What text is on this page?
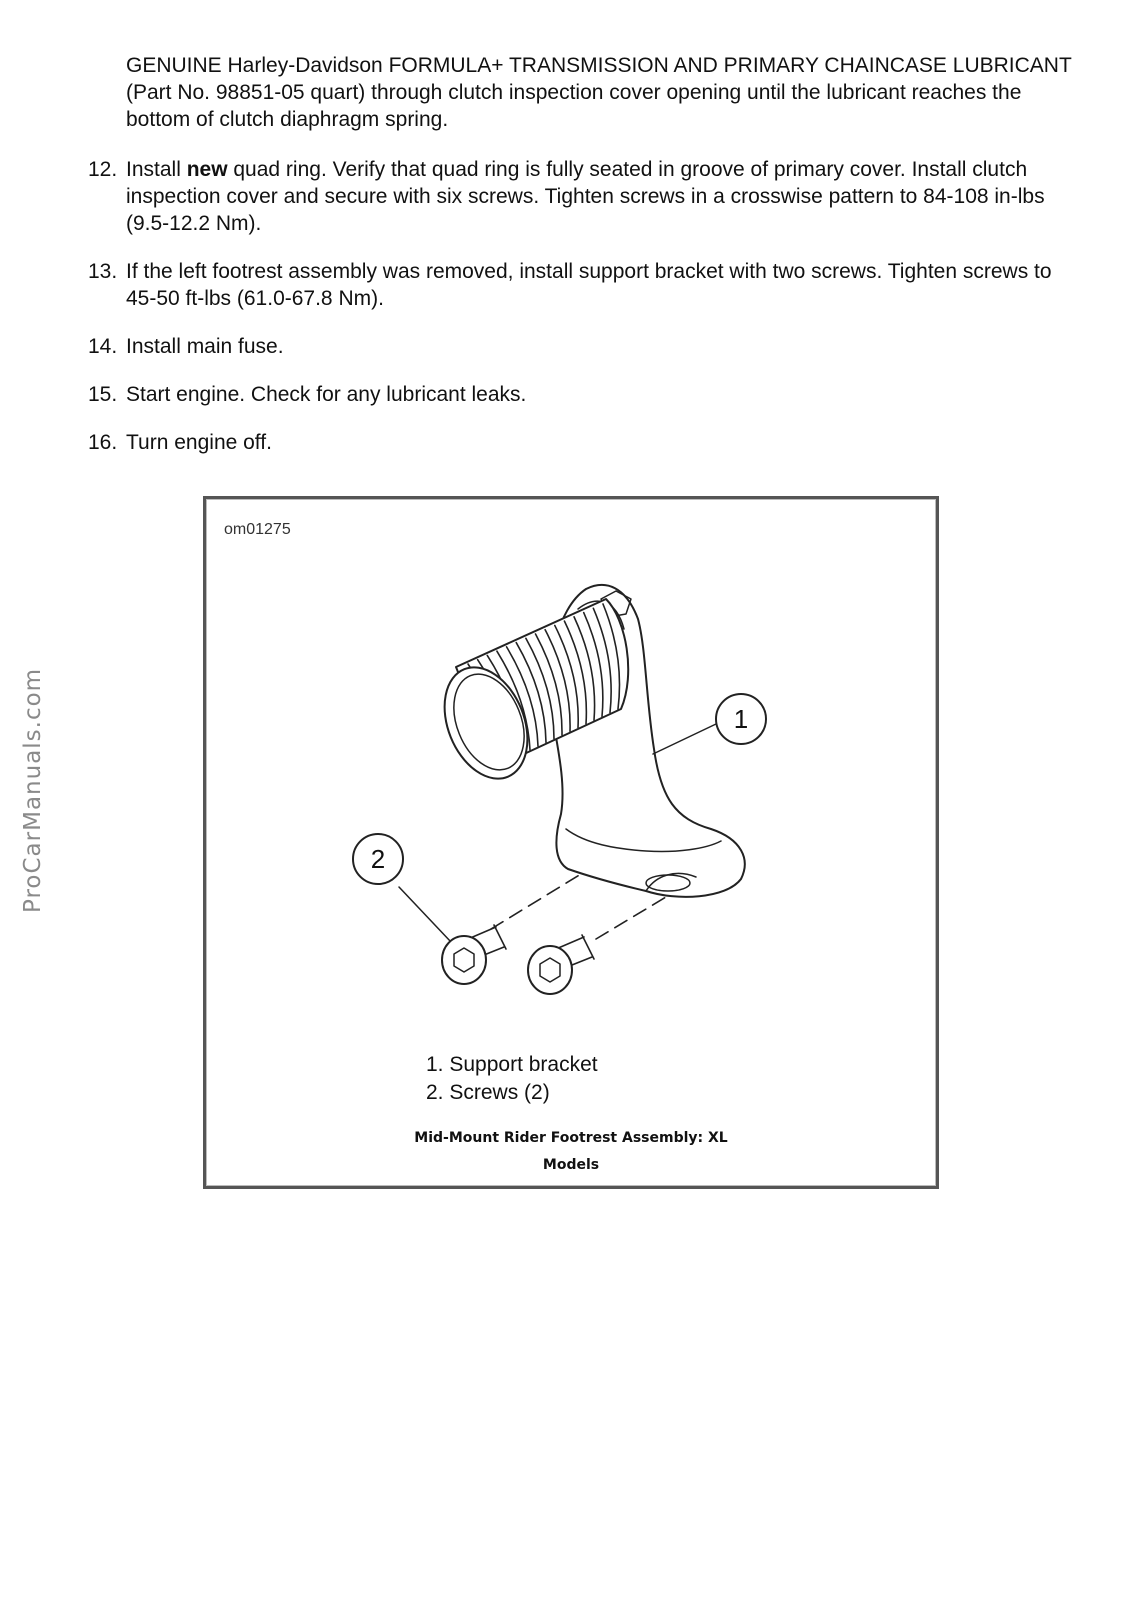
ProCarManuals.com
GENUINE Harley-Davidson FORMULA+ TRANSMISSION AND PRIMARY CHAINCASE LUBRICANT (Part No. 98851-05 quart) through clutch inspection cover opening until the lubricant reaches the bottom of clutch diaphragm spring.
12. Install new quad ring. Verify that quad ring is fully seated in groove of primary cover. Install clutch inspection cover and secure with six screws. Tighten screws in a crosswise pattern to 84-108 in-lbs (9.5-12.2 Nm).
13. If the left footrest assembly was removed, install support bracket with two screws. Tighten screws to 45-50 ft-lbs (61.0-67.8 Nm).
14. Install main fuse.
15. Start engine. Check for any lubricant leaks.
16. Turn engine off.
om01275
1
2
1. Support bracket
2. Screws (2)
Mid-Mount Rider Footrest Assembly: XL
Models
